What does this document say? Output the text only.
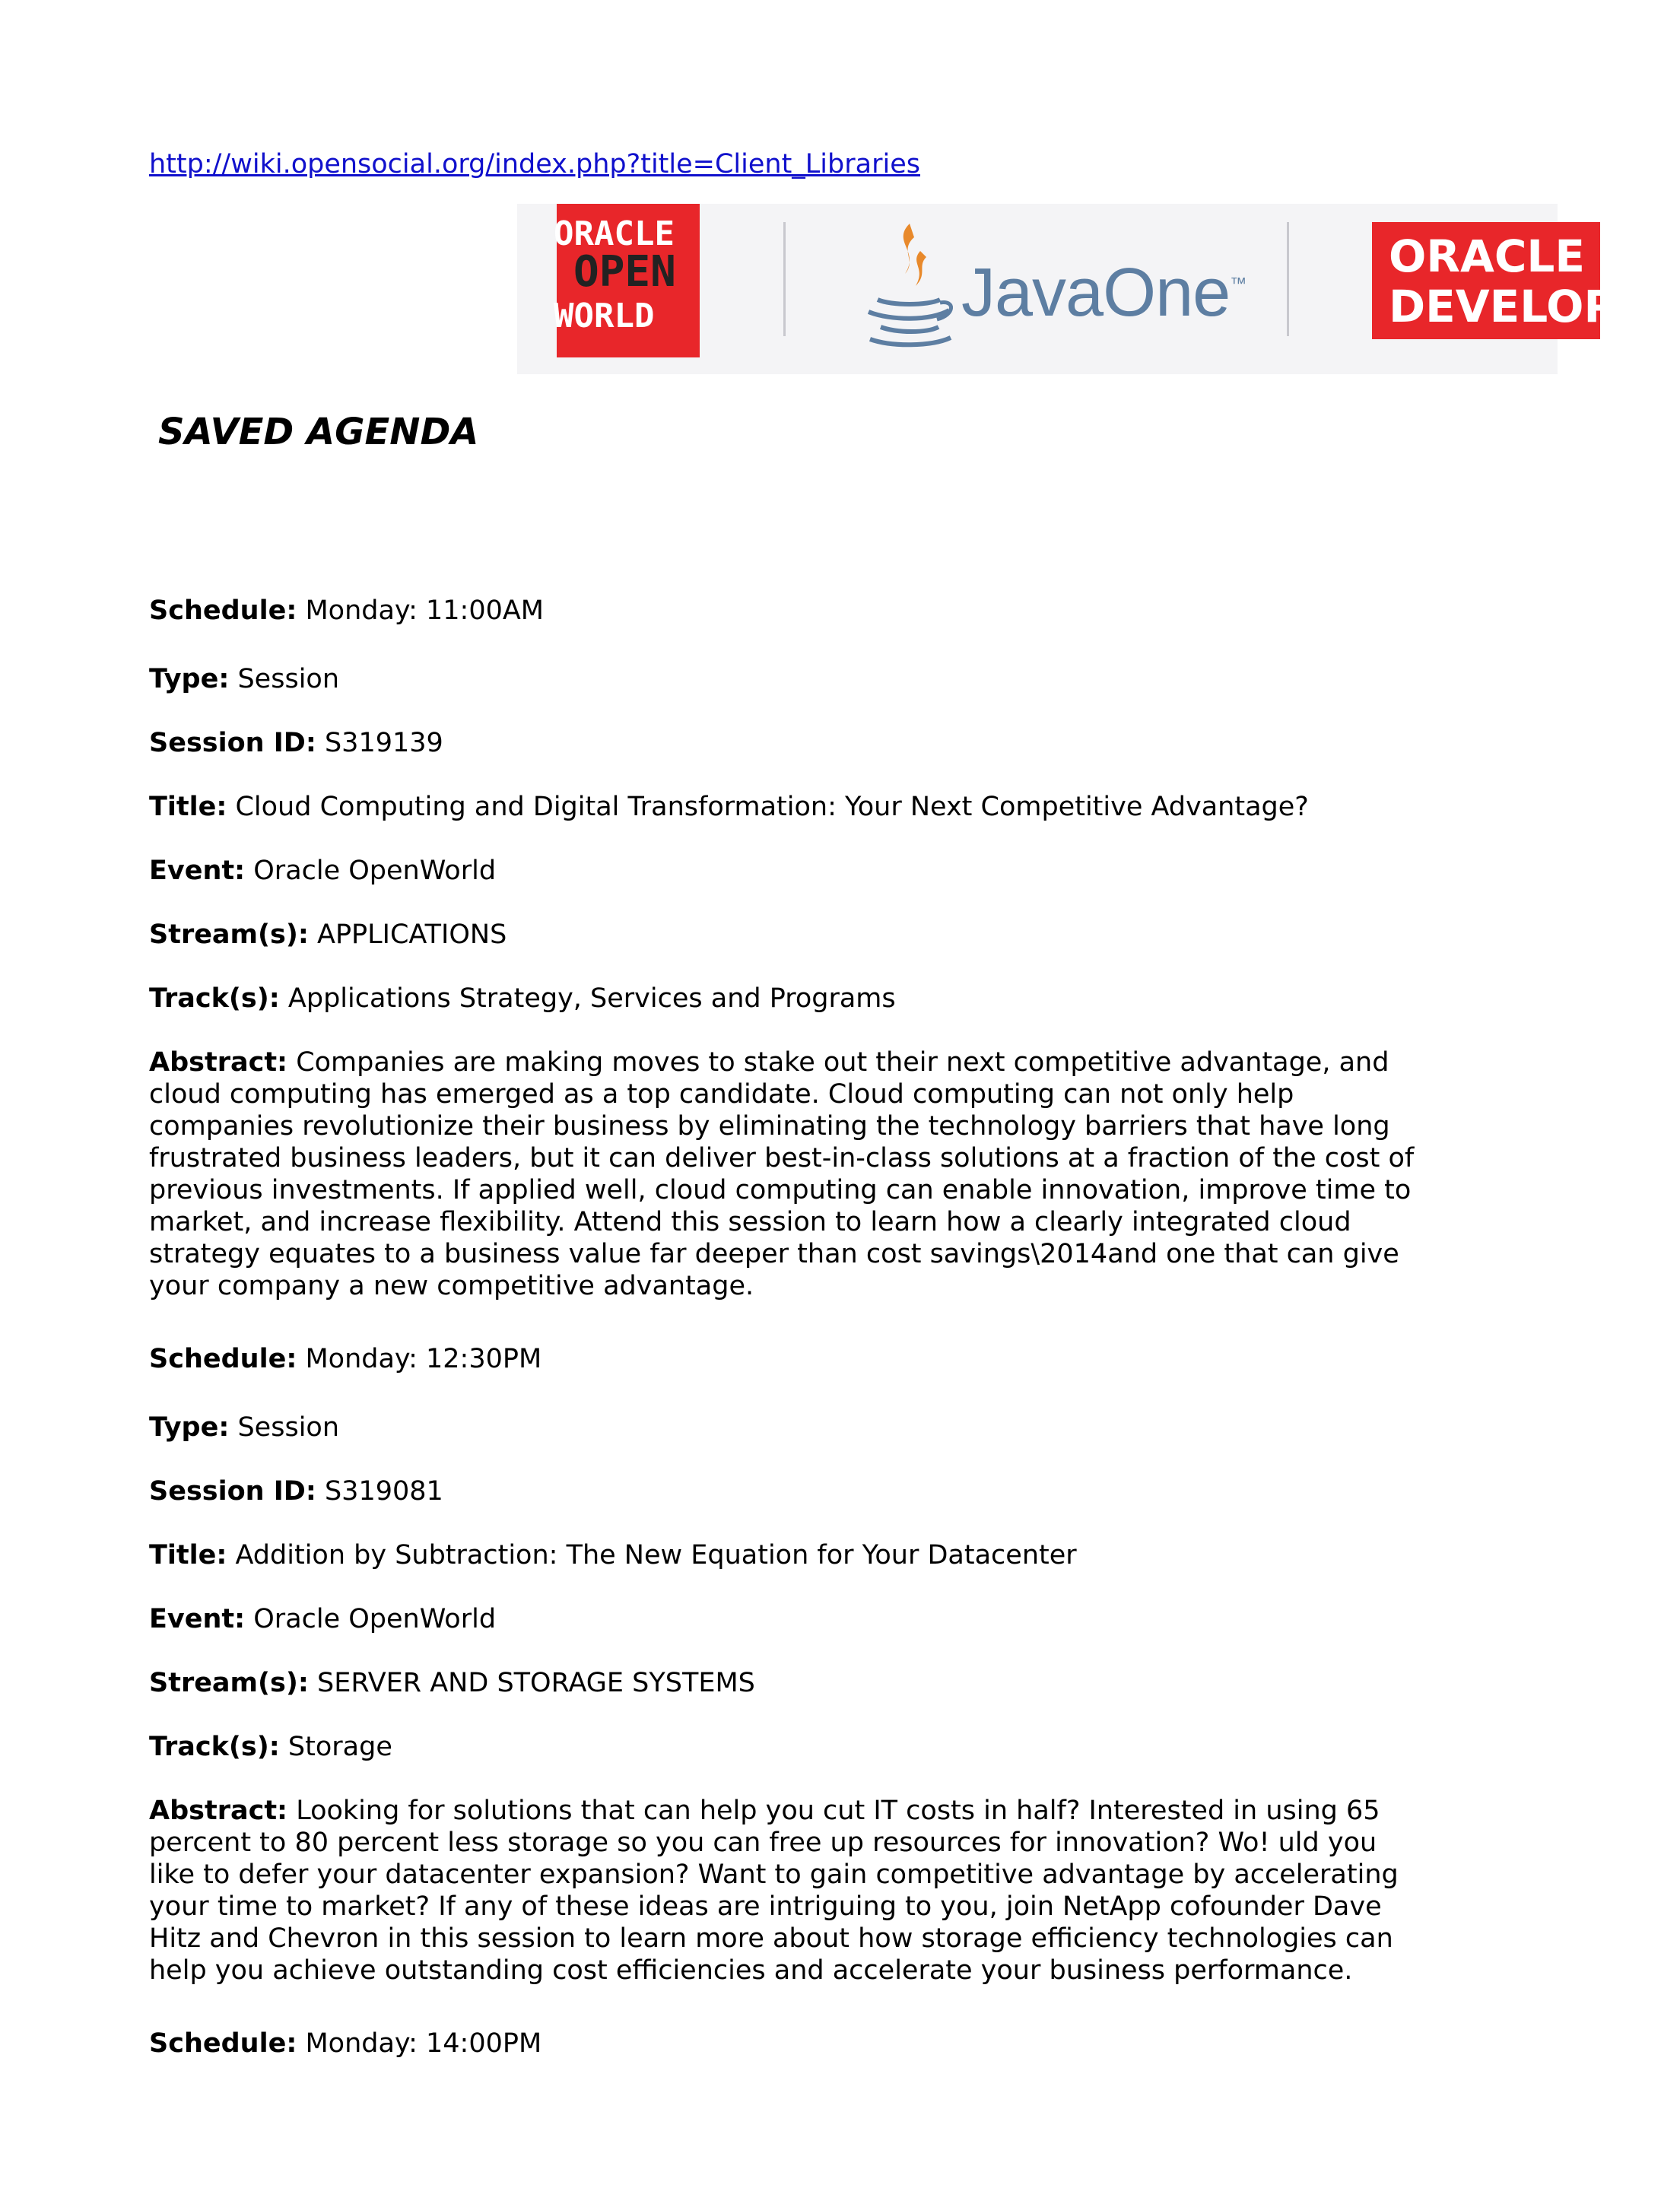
http://wiki.opensocial.org/index.php?title=Client_Libraries
ORACLE
OPEN
WORLD	JavaOne™
ORACLE
DEVELOPER
SAVED AGENDA

Schedule: Monday: 11:00AM

Type: Session

Session ID: S319139

Title: Cloud Computing and Digital Transformation: Your Next Competitive Advantage?

Event: Oracle OpenWorld

Stream(s): APPLICATIONS

Track(s): Applications Strategy, Services and Programs

Abstract: Companies are making moves to stake out their next competitive advantage, and cloud computing has emerged as a top candidate. Cloud computing can not only help companies revolutionize their business by eliminating the technology barriers that have long frustrated business leaders, but it can deliver best-in-class solutions at a fraction of the cost of previous investments. If applied well, cloud computing can enable innovation, improve time to market, and increase flexibility. Attend this session to learn how a clearly integrated cloud strategy equates to a business value far deeper than cost savings\2014and one that can give your company a new competitive advantage.

Schedule: Monday: 12:30PM

Type: Session

Session ID: S319081

Title: Addition by Subtraction: The New Equation for Your Datacenter

Event: Oracle OpenWorld

Stream(s): SERVER AND STORAGE SYSTEMS

Track(s): Storage

Abstract: Looking for solutions that can help you cut IT costs in half? Interested in using 65 percent to 80 percent less storage so you can free up resources for innovation? Wo! uld you like to defer your datacenter expansion? Want to gain competitive advantage by accelerating your time to market? If any of these ideas are intriguing to you, join NetApp cofounder Dave Hitz and Chevron in this session to learn more about how storage efficiency technologies can help you achieve outstanding cost efficiencies and accelerate your business performance.

Schedule: Monday: 14:00PM
